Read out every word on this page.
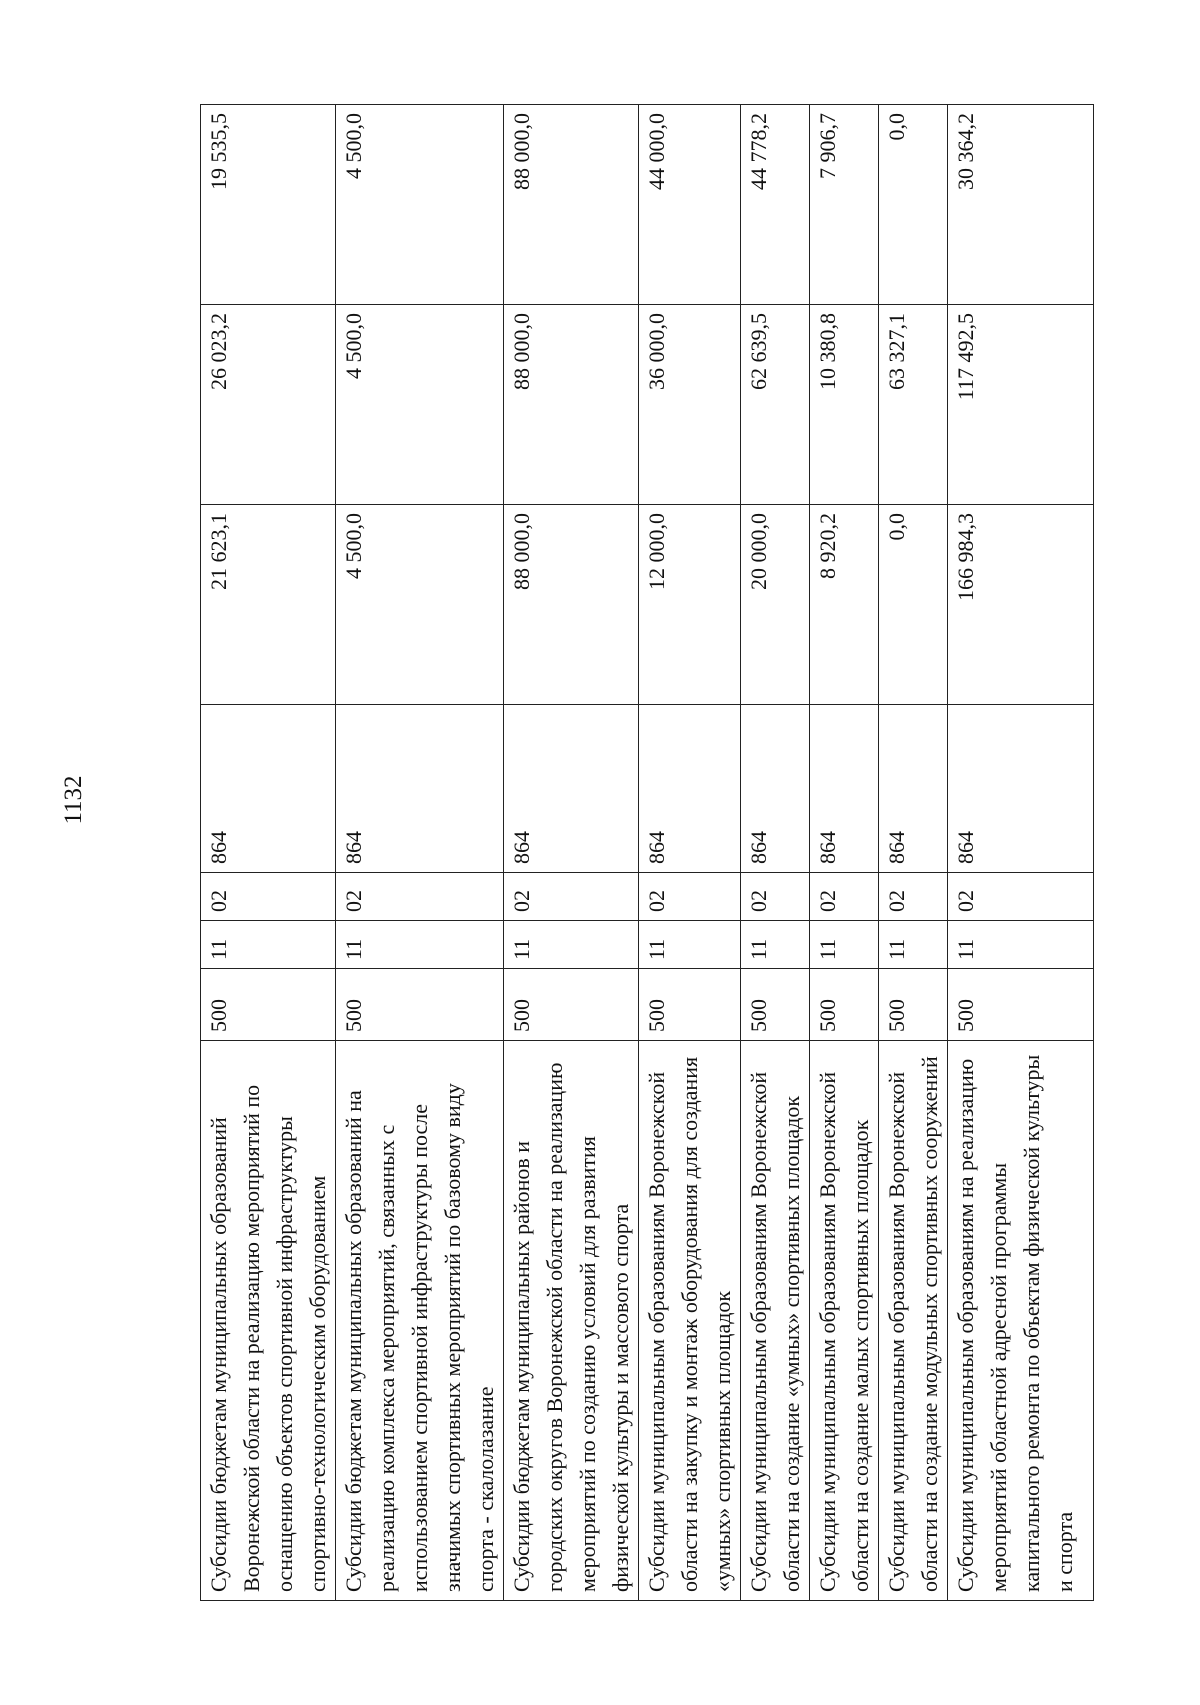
1132
Субсидии бюджетам муниципальных образований Воронежской области на реализацию мероприятий по оснащению объектов спортивной инфраструктуры спортивно-технологическим оборудованием	500	11	02	864	21 623,1	26 023,2	19 535,5
Субсидии бюджетам муниципальных образований на реализацию комплекса мероприятий, связанных с использованием спортивной инфраструктуры после значимых спортивных мероприятий по базовому виду спорта - скалолазание	500	11	02	864	4 500,0	4 500,0	4 500,0
Субсидии бюджетам муниципальных районов и городских округов Воронежской области на реализацию мероприятий по созданию условий для развития физической культуры и массового спорта	500	11	02	864	88 000,0	88 000,0	88 000,0
Субсидии муниципальным образованиям Воронежской области на закупку и монтаж оборудования для создания «умных» спортивных площадок	500	11	02	864	12 000,0	36 000,0	44 000,0
Субсидии муниципальным образованиям Воронежской области на создание «умных» спортивных площадок	500	11	02	864	20 000,0	62 639,5	44 778,2
Субсидии муниципальным образованиям Воронежской области на создание малых спортивных площадок	500	11	02	864	8 920,2	10 380,8	7 906,7
Субсидии муниципальным образованиям Воронежской области на создание модульных спортивных сооружений	500	11	02	864	0,0	63 327,1	0,0
Субсидии муниципальным образованиям на реализацию мероприятий областной адресной программы капитального ремонта по объектам физической культуры и спорта	500	11	02	864	166 984,3	117 492,5	30 364,2
